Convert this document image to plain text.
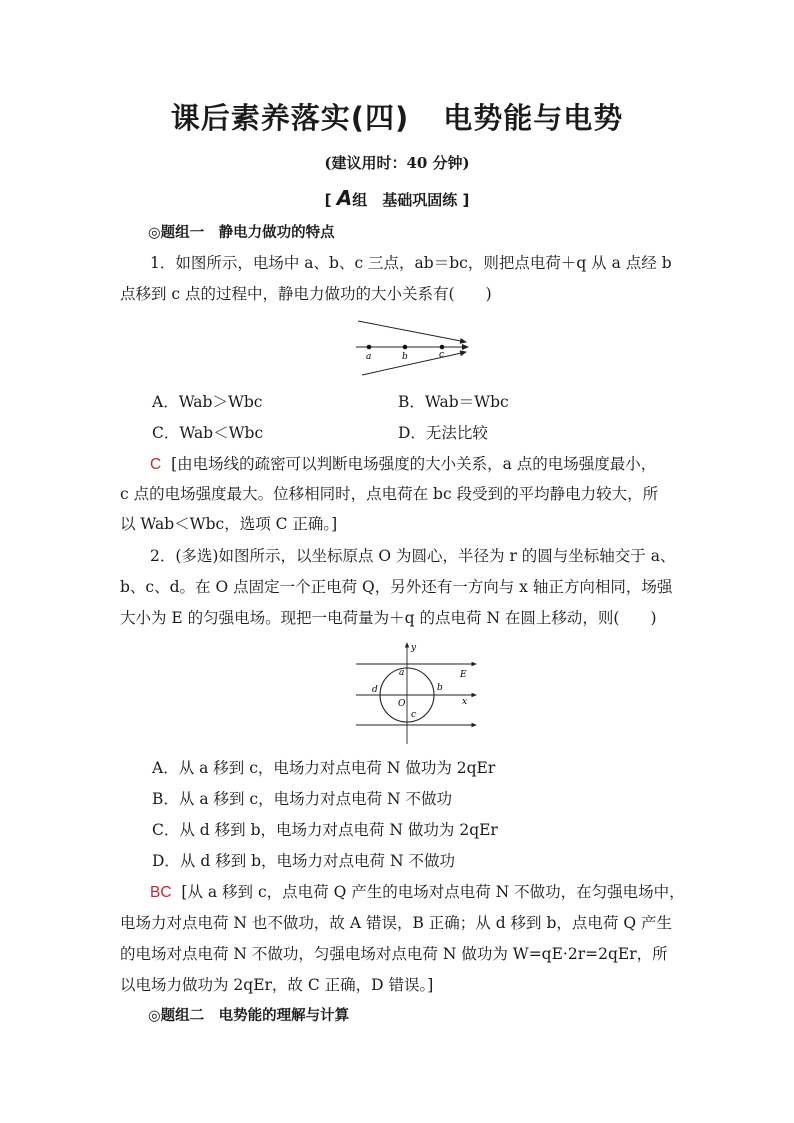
课后素养落实(四) 电势能与电势
(建议用时：40 分钟)
[ A组　基础巩固练 ]
◎题组一　静电力做功的特点
1．如图所示，电场中 a、b、c 三点，ab＝bc，则把点电荷＋q 从 a 点经 b
点移到 c 点的过程中，静电力做功的大小关系有(　　)
a	b	c
A．Wab＞Wbc	B．Wab＝Wbc
C．Wab＜Wbc	D．无法比较
C [由电场线的疏密可以判断电场强度的大小关系，a 点的电场强度最小，
c 点的电场强度最大。位移相同时，点电荷在 bc 段受到的平均静电力较大，所
以 Wab＜Wbc，选项 C 正确。]
2．(多选)如图所示，以坐标原点 O 为圆心，半径为 r 的圆与坐标轴交于 a、
b、c、d。在 O 点固定一个正电荷 Q，另外还有一方向与 x 轴正方向相同，场强
大小为 E 的匀强电场。现把一电荷量为＋q 的点电荷 N 在圆上移动，则(　　)
y
x
E
a
b
c
d
O
A．从 a 移到 c，电场力对点电荷 N 做功为 2qEr
B．从 a 移到 c，电场力对点电荷 N 不做功
C．从 d 移到 b，电场力对点电荷 N 做功为 2qEr
D．从 d 移到 b，电场力对点电荷 N 不做功
BC [从 a 移到 c，点电荷 Q 产生的电场对点电荷 N 不做功，在匀强电场中，
电场力对点电荷 N 也不做功，故 A 错误，B 正确；从 d 移到 b，点电荷 Q 产生
的电场对点电荷 N 不做功，匀强电场对点电荷 N 做功为 W=qE·2r=2qEr，所
以电场力做功为 2qEr，故 C 正确，D 错误。]
◎题组二　电势能的理解与计算
